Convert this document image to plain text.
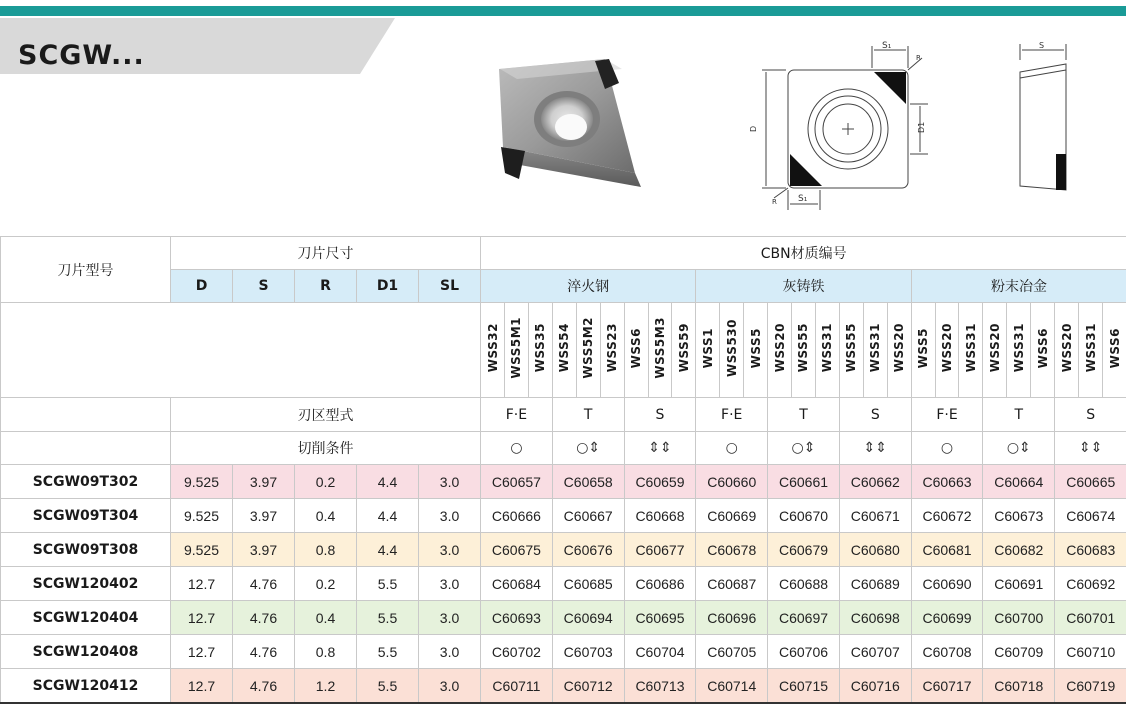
SCGW...	S₁
S₁
D	D1
R
R
S
刀片型号	刀片尺寸					CBN材质编号																										
	D	S	R	D1	SL	淬火钢									灰铸铁									粉末冶金								
						WSS32	WSS5M1	WSS35	WSS54	WSS5M2	WSS23	WSS6	WSS5M3	WSS59	WSS1	WSS530	WSS5	WSS20	WSS55	WSS31	WSS55	WSS31	WSS20	WSS5	WSS20	WSS31	WSS20	WSS31	WSS6	WSS20	WSS31	WSS6
	刃区型式					F·E			T			S			F·E			T			S			F·E			T			S		
	切削条件					○			○⇕			⇕⇕			○			○⇕			⇕⇕			○			○⇕			⇕⇕		
SCGW09T302	9.525	3.97	0.2	4.4	3.0	C60657			C60658			C60659			C60660			C60661			C60662			C60663			C60664			C60665		
SCGW09T304	9.525	3.97	0.4	4.4	3.0	C60666			C60667			C60668			C60669			C60670			C60671			C60672			C60673			C60674		
SCGW09T308	9.525	3.97	0.8	4.4	3.0	C60675			C60676			C60677			C60678			C60679			C60680			C60681			C60682			C60683		
SCGW120402	12.7	4.76	0.2	5.5	3.0	C60684			C60685			C60686			C60687			C60688			C60689			C60690			C60691			C60692		
SCGW120404	12.7	4.76	0.4	5.5	3.0	C60693			C60694			C60695			C60696			C60697			C60698			C60699			C60700			C60701		
SCGW120408	12.7	4.76	0.8	5.5	3.0	C60702			C60703			C60704			C60705			C60706			C60707			C60708			C60709			C60710		
SCGW120412	12.7	4.76	1.2	5.5	3.0	C60711			C60712			C60713			C60714			C60715			C60716			C60717			C60718			C60719		
